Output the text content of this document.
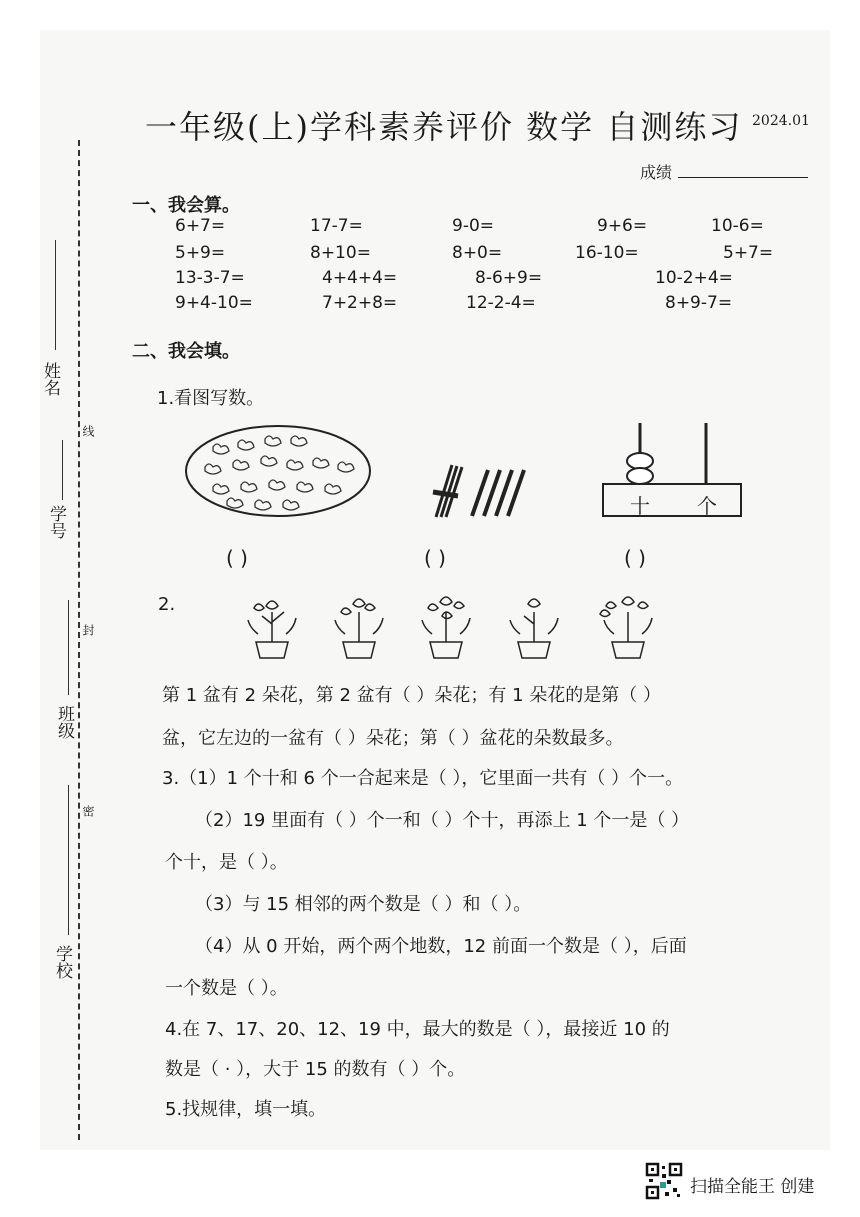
姓名
线
学号
封
班级
密
学校
一年级(上)学科素养评价 数学 自测练习 2024.01
成绩
一、我会算。
6+7=	17-7=	9-0=	9+6=	10-6=
5+9=	8+10=	8+0=	16-10=	5+7=
13-3-7=	4+4+4=	8-6+9=	10-2+4=
9+4-10=	7+2+8=	12-2-4=	8+9-7=
二、我会填。
1.看图写数。
十 个
( )	( )	( )
2.
第 1 盆有 2 朵花，第 2 盆有（ ）朵花；有 1 朵花的是第（ ）
盆，它左边的一盆有（ ）朵花；第（ ）盆花的朵数最多。
3.（1）1 个十和 6 个一合起来是（ ），它里面一共有（ ）个一。
（2）19 里面有（ ）个一和（ ）个十，再添上 1 个一是（ ）
个十，是（ ）。
（3）与 15 相邻的两个数是（ ）和（ ）。
（4）从 0 开始，两个两个地数，12 前面一个数是（ ），后面
一个数是（ ）。
4.在 7、17、20、12、19 中，最大的数是（ ），最接近 10 的
数是（ · ），大于 15 的数有（ ）个。
5.找规律，填一填。
扫描全能王 创建
